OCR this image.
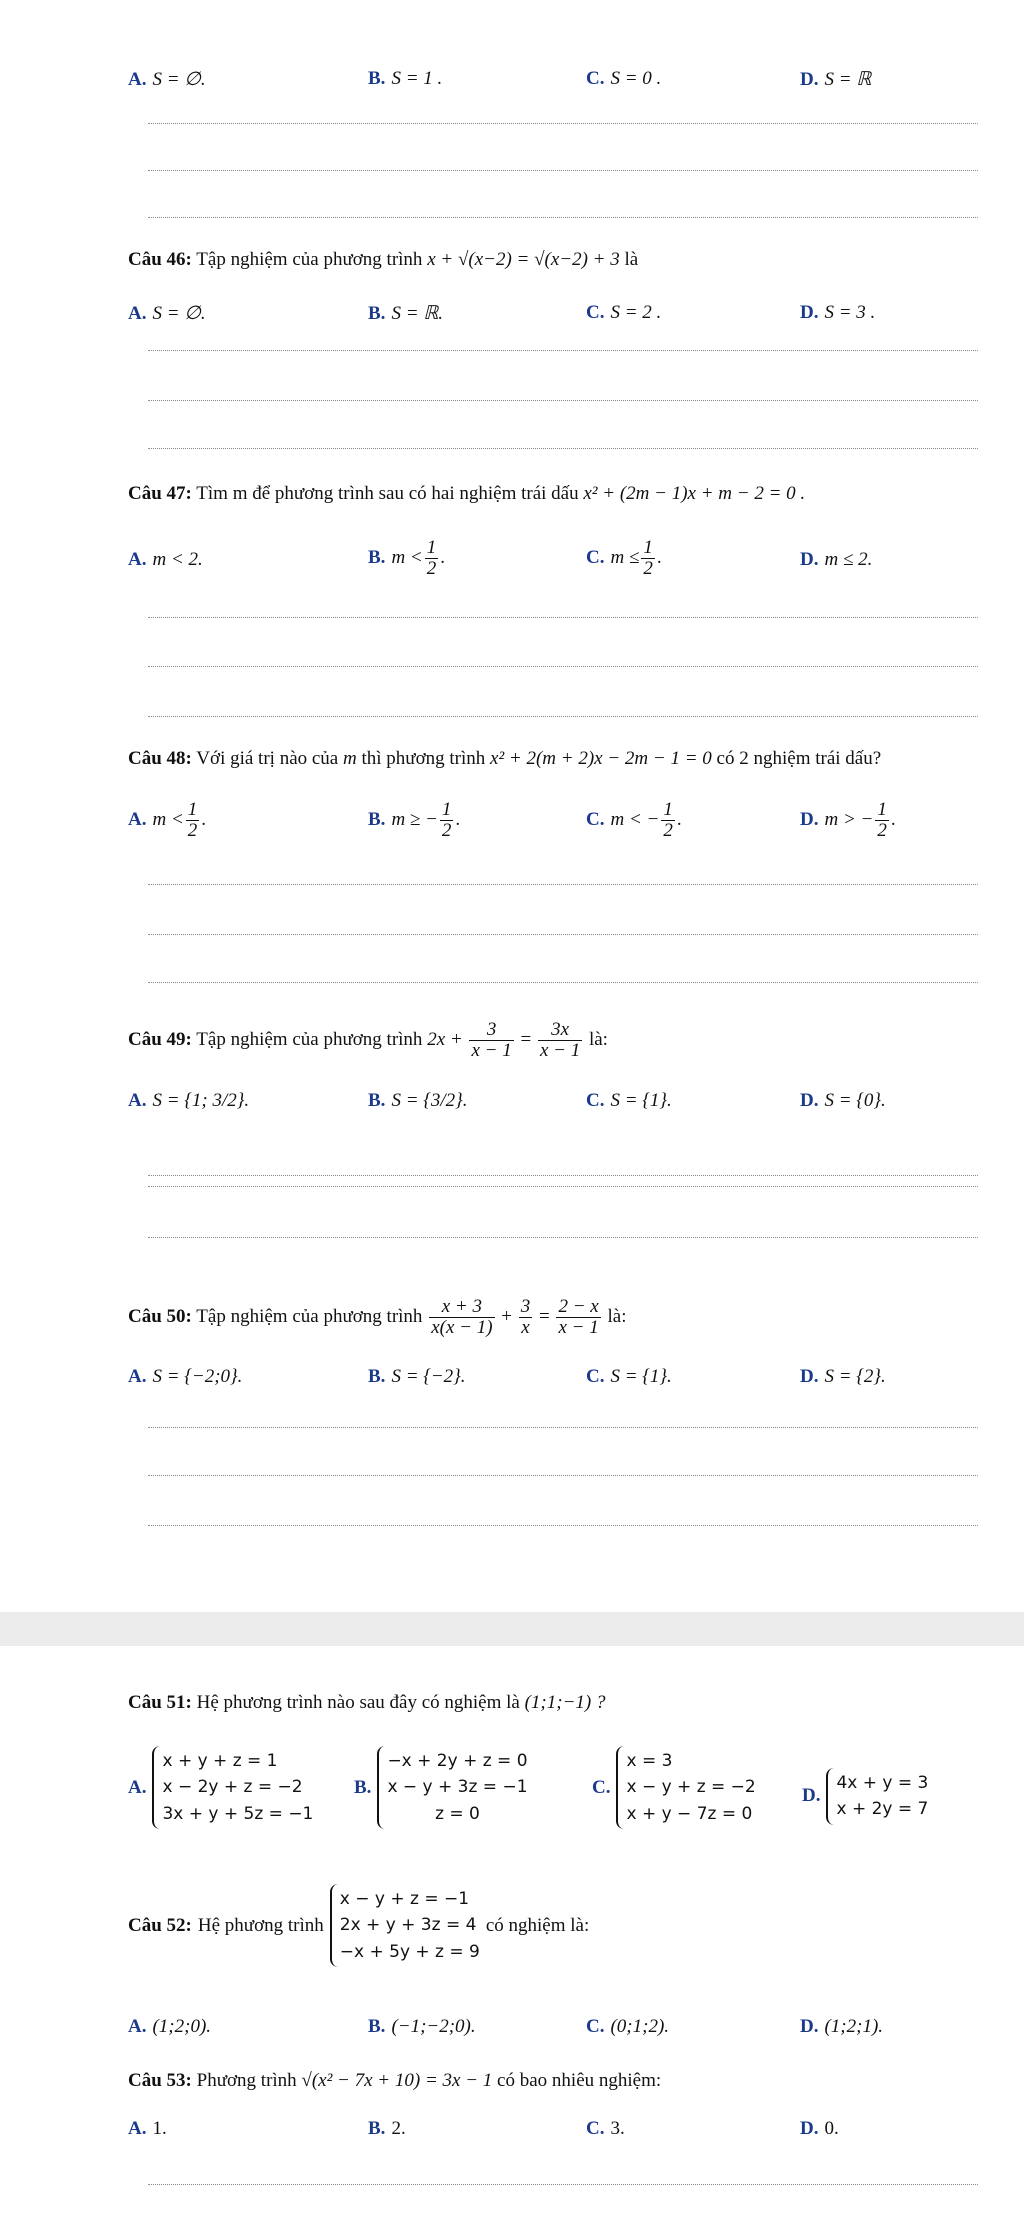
A. S = ∅.	B. S = 1 .	C. S = 0 .	D. S = ℝ
Câu 46: Tập nghiệm của phương trình x + √(x−2) = √(x−2) + 3 là
A. S = ∅.	B. S = ℝ.	C. S = 2 .	D. S = 3 .
Câu 47: Tìm m để phương trình sau có hai nghiệm trái dấu x² + (2m − 1)x + m − 2 = 0 .
A. m < 2.	B. $m < \frac{1}{2}$ .	C. $m \le \frac{1}{2}$ .	D. m ≤ 2.
Câu 48: Với giá trị nào của m thì phương trình x² + 2(m + 2)x − 2m − 1 = 0 có 2 nghiệm trái dấu?
A. $m < \frac{1}{2}$ .	B. m ≥ − $\frac{1}{2}$ .	C. m < − $\frac{1}{2}$ .	D. m > − $\frac{1}{2}$ .
Câu 49: Tập nghiệm của phương trình $2x + \frac{3}{x - 1} = \frac{3x}{x - 1}$ là:
A. S = {1; 3/2}.	B. S = {3/2}.	C. S = {1}.	D. S = {0}.
Câu 50: Tập nghiệm của phương trình $\frac{x + 3}{x(x - 1)} + \frac{3}{x} = \frac{2 - x}{x - 1}$ là:
A. S = {−2;0}.	B. S = {−2}.	C. S = {1}.	D. S = {2}.
Câu 51: Hệ phương trình nào sau đây có nghiệm là (1;1;−1) ?
A.
x + y + z = 1
x − 2y + z = −2
3x + y + 5z = −1
B.
−x + 2y + z = 0
x − y + 3z = −1
z = 0
C.
x = 3
x − y + z = −2
x + y − 7z = 0
D.
4x + y = 3
x + 2y = 7
Câu 52: Hệ phương trình
x − y + z = −1
2x + y + 3z = 4
−x + 5y + z = 9
có nghiệm là:
A. (1;2;0).	B. (−1;−2;0).	C. (0;1;2).	D. (1;2;1).
Câu 53: Phương trình √(x² − 7x + 10) = 3x − 1 có bao nhiêu nghiệm:
A. 1.	B. 2.	C. 3.	D. 0.
